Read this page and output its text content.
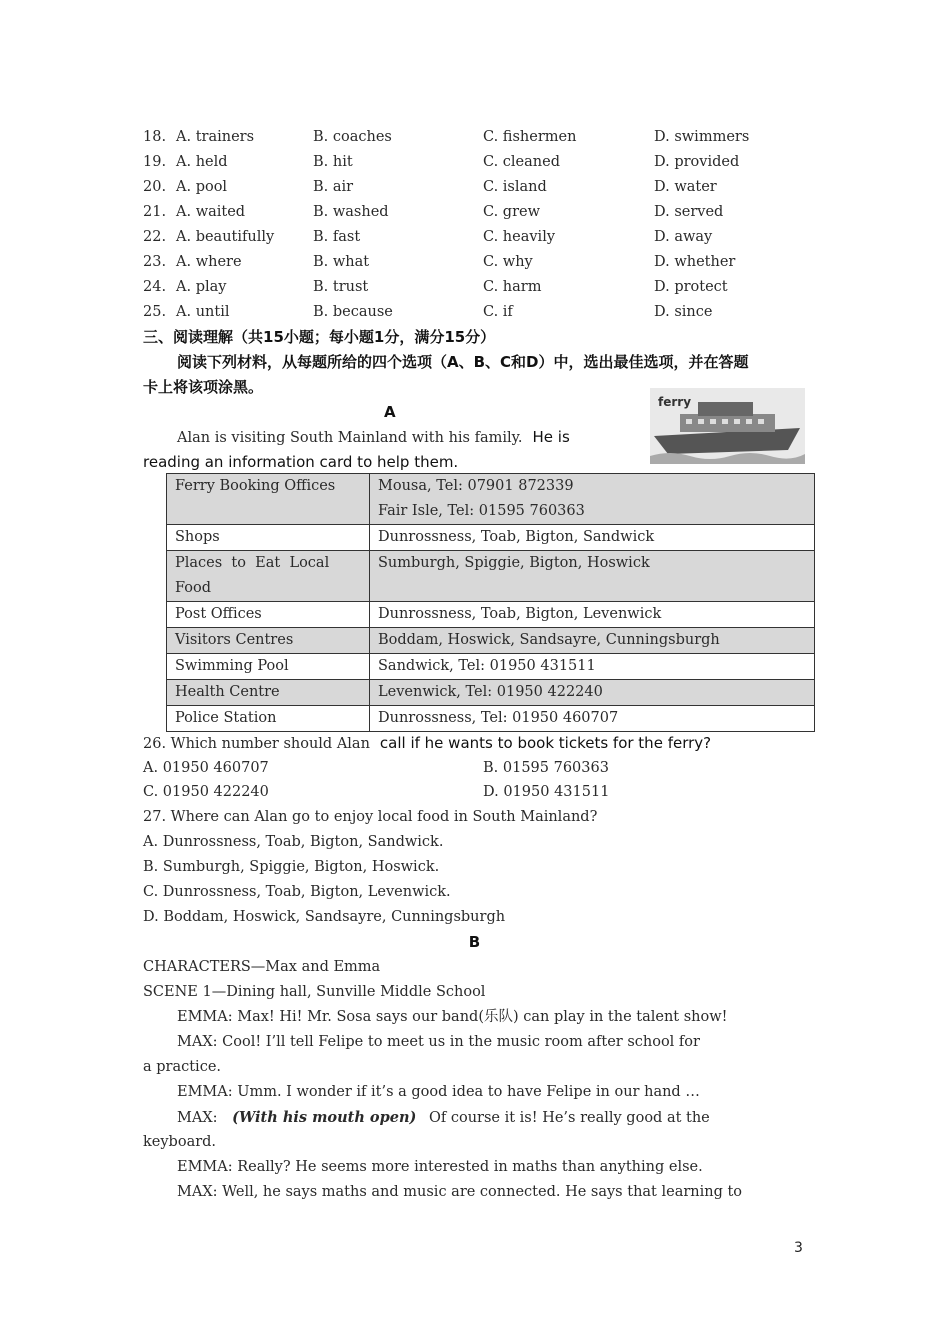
18. A. trainers	B. coaches	C. fishermen	D. swimmers
19. A. held	B. hit	C. cleaned	D. provided
20. A. pool	B. air	C. island	D. water
21. A. waited	B. washed	C. grew	D. served
22. A. beautifully	B. fast	C. heavily	D. away
23. A. where	B. what	C. why	D. whether
24. A. play	B. trust	C. harm	D. protect
25. A. until	B. because	C. if	D. since
三、阅读理解（共15小题；每小题1分，满分15分）
阅读下列材料，从每题所给的四个选项（A、B、C和D）中，选出最佳选项，并在答题
卡上将该项涂黑。
A
ferry
Alan is visiting South Mainland with his family. He is
reading an information card to help them.
Ferry Booking Offices	Mousa, Tel: 07901 872339
Fair Isle, Tel: 01595 760363

Shops	Dunrossness, Toab, Bigton, Sandwick

Places  to  Eat  Local
Food	Sumburgh, Spiggie, Bigton, Hoswick
Post Offices	Dunrossness, Toab, Bigton, Levenwick
Visitors Centres	Boddam, Hoswick, Sandsayre, Cunningsburgh
Swimming Pool	Sandwick, Tel: 01950 431511
Health Centre	Levenwick, Tel: 01950 422240
Police Station	Dunrossness, Tel: 01950 460707
26. Which number should Alan call if he wants to book tickets for the ferry?
A. 01950 460707	B. 01595 760363
C. 01950 422240	D. 01950 431511
27. Where can Alan go to enjoy local food in South Mainland?
A. Dunrossness, Toab, Bigton, Sandwick.
B. Sumburgh, Spiggie, Bigton, Hoswick.
C. Dunrossness, Toab, Bigton, Levenwick.
D. Boddam, Hoswick, Sandsayre, Cunningsburgh
B
CHARACTERS—Max and Emma
SCENE 1—Dining hall, Sunville Middle School
EMMA: Max! Hi! Mr. Sosa says our band(乐队) can play in the talent show!
MAX: Cool! I’ll tell Felipe to meet us in the music room after school for
a practice.
EMMA: Umm. I wonder if it’s a good idea to have Felipe in our hand …
MAX: (With his mouth open) Of course it is! He’s really good at the
keyboard.
EMMA: Really? He seems more interested in maths than anything else.
MAX: Well, he says maths and music are connected. He says that learning to
3
